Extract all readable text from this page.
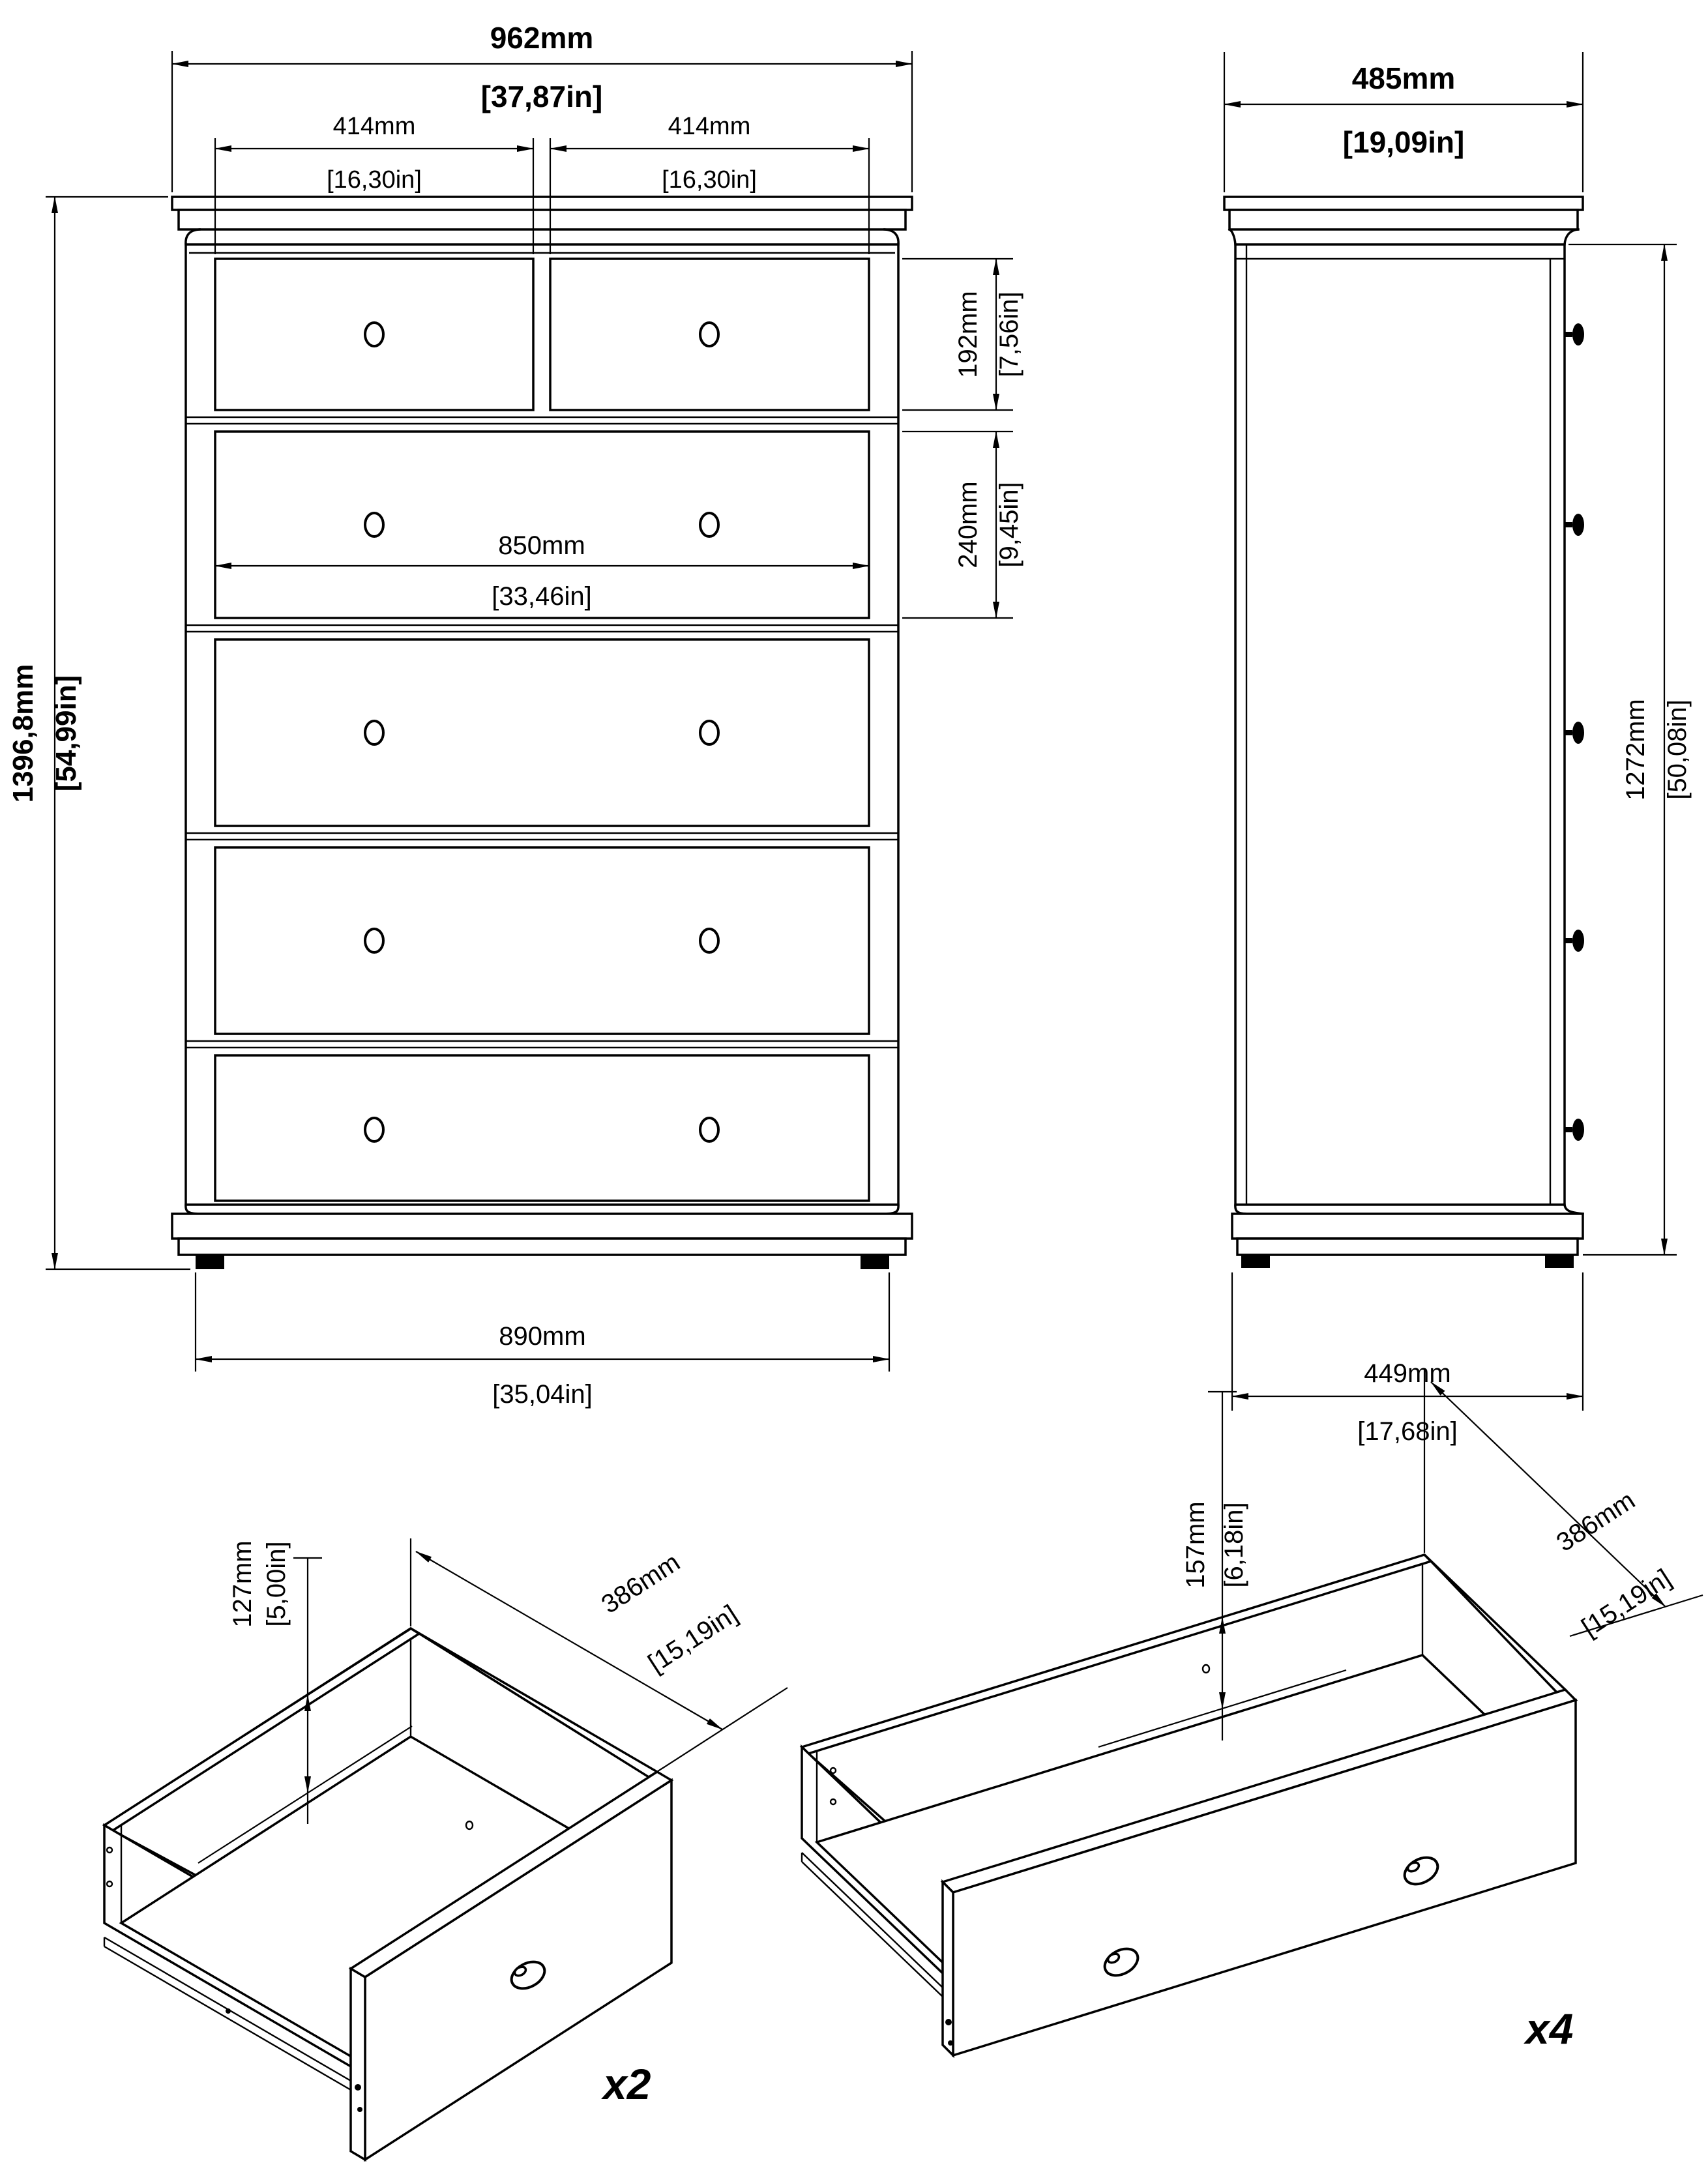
962mm
[37,87in]
414mm
[16,30in]
414mm
[16,30in]
1396,8mm [54,99in]
192mm [7,56in]
240mm [9,45in]
850mm
[33,46in]
890mm
[35,04in]
485mm
[19,09in]
1272mm [50,08in]
449mm
[17,68in]
127mm [5,00in]	386mm
[15,19in]
x2
157mm [6,18in]	386mm
[15,19in]
x4
